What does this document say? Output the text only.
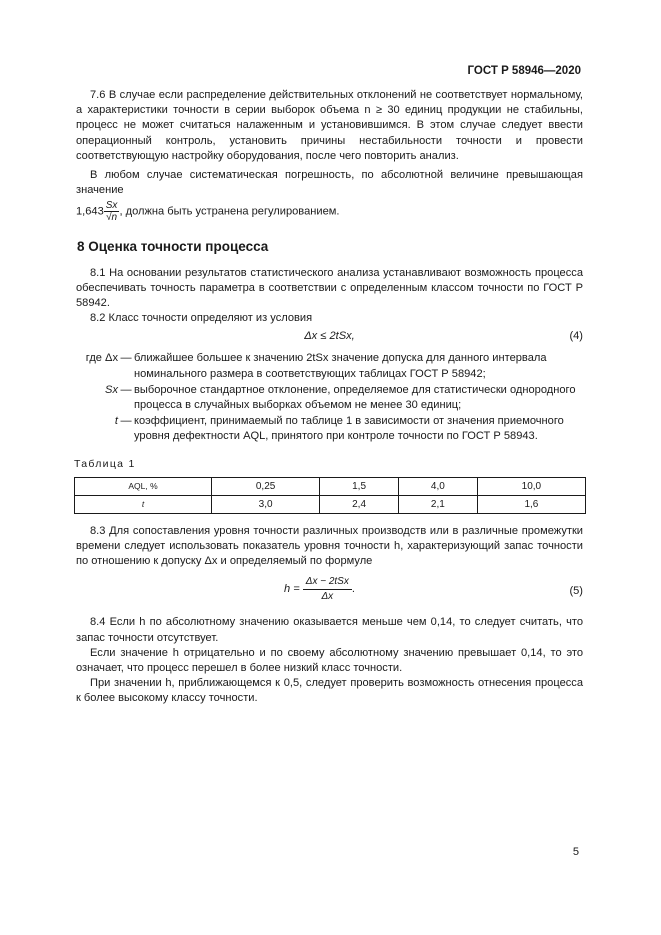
ГОСТ Р 58946—2020

7.6 В случае если распределение действительных отклонений не соответствует нормальному, а характеристики точности в серии выборок объема n ≥ 30 единиц продукции не стабильны, процесс не может считаться налаженным и установившимся. В этом случае следует ввести операционный контроль, установить причины нестабильности точности и провести соответствующую настройку оборудования, после чего повторить анализ.

В любом случае систематическая погрешность, по абсолютной величине превышающая значение

$1,643 \frac{Sx}{√n}$ , должна быть устранена регулированием.
8 Оценка точности процесса

8.1 На основании результатов статистического анализа устанавливают возможность процесса обеспечивать точность параметра в соответствии с определенным классом точности по ГОСТ Р 58942.

8.2 Класс точности определяют из условия

Δx ≤ 2tSx,	(4)
где Δx — ближайшее большее к значению 2tSx значение допуска для данного интервала номинального размера в соответствующих таблицах ГОСТ Р 58942;
Sx — выборочное стандартное отклонение, определяемое для статистически однородного процесса в случайных выборках объемом не менее 30 единиц;
t — коэффициент, принимаемый по таблице 1 в зависимости от значения приемочного уровня дефектности AQL, принятого при контроле точности по ГОСТ Р 58943.
Таблица 1
AQL, %	0,25	1,5	4,0	10,0
t	3,0	2,4	2,1	1,6

8.3 Для сопоставления уровня точности различных производств или в различные промежутки времени следует использовать показатель уровня точности h, характеризующий запас точности по отношению к допуску Δx и определяемый по формуле

$h = \frac{\text{Δx − 2tSx}}{\Delta x}$ .	(5)

8.4 Если h по абсолютному значению оказывается меньше чем 0,14, то следует считать, что запас точности отсутствует.

Если значение h отрицательно и по своему абсолютному значению превышает 0,14, то это означает, что процесс перешел в более низкий класс точности.

При значении h, приближающемся к 0,5, следует проверить возможность отнесения процесса к более высокому классу точности.

5
